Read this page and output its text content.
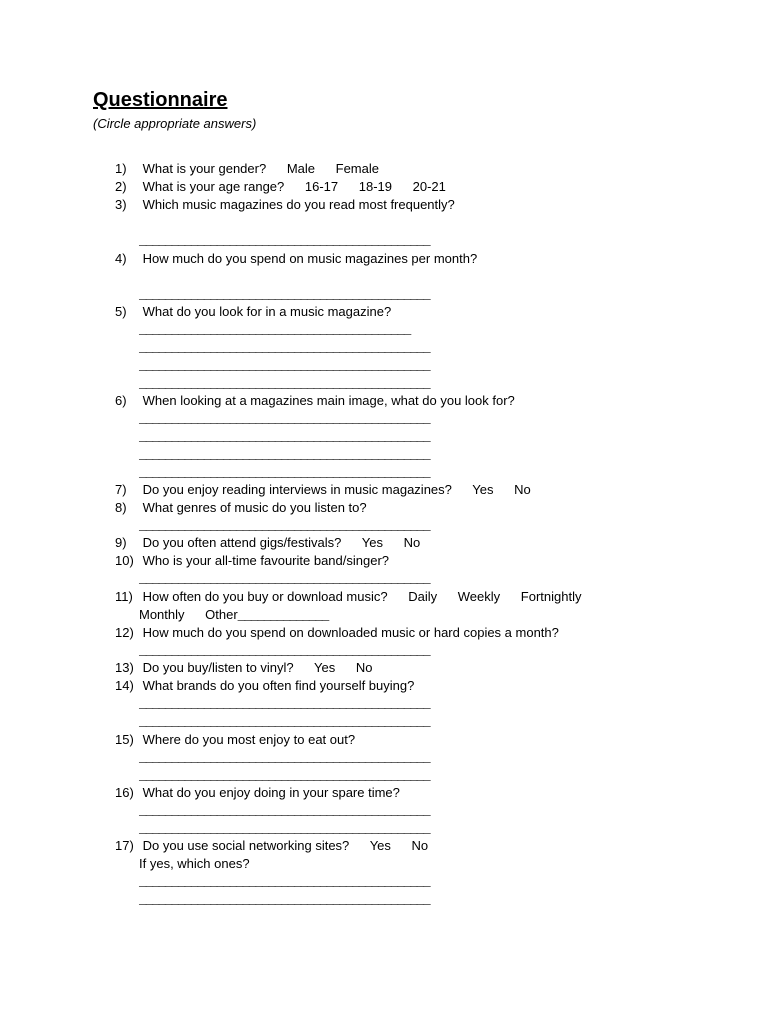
Questionnaire
(Circle appropriate answers)
1) What is your gender? Male Female
2) What is your age range? 16-17 18-19 20-21
3) Which music magazines do you read most frequently?
_____________________________________________
4) How much do you spend on music magazines per month?
_____________________________________________
5) What do you look for in a music magazine?
__________________________________________
_____________________________________________
_____________________________________________
_____________________________________________
6) When looking at a magazines main image, what do you look for?
_____________________________________________
_____________________________________________
_____________________________________________
_____________________________________________
7) Do you enjoy reading interviews in music magazines? Yes No
8) What genres of music do you listen to?
_____________________________________________
9) Do you often attend gigs/festivals? Yes No
10) Who is your all-time favourite band/singer?
_____________________________________________
11) How often do you buy or download music? Daily Weekly Fortnightly
Monthly Other______________
12) How much do you spend on downloaded music or hard copies a month?
_____________________________________________
13) Do you buy/listen to vinyl? Yes No
14) What brands do you often find yourself buying?
_____________________________________________
_____________________________________________
15) Where do you most enjoy to eat out?
_____________________________________________
_____________________________________________
16) What do you enjoy doing in your spare time?
_____________________________________________
_____________________________________________
17) Do you use social networking sites? Yes No
If yes, which ones?
_____________________________________________
_____________________________________________
